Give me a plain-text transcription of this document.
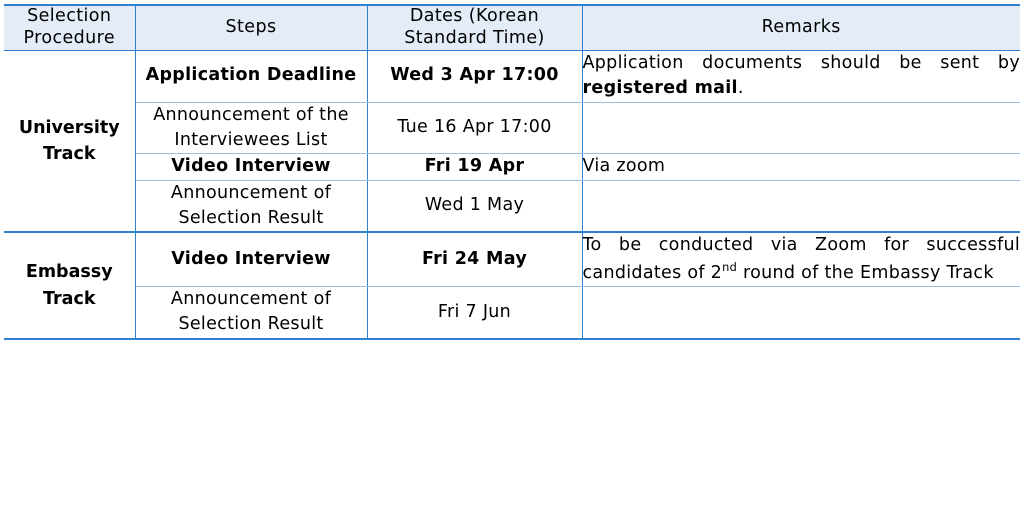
Selection Procedure	Steps	Dates (Korean Standard Time)	Remarks
University Track	Application Deadline	Wed 3 Apr 17:00	Application documents should be sent by registered mail.
	Announcement of the Interviewees List	Tue 16 Apr 17:00	
	Video Interview	Fri 19 Apr	Via zoom
	Announcement of Selection Result	Wed 1 May	
Embassy Track	Video Interview	Fri 24 May	To be conducted via Zoom for successful candidates of 2nd round of the Embassy Track
	Announcement of Selection Result	Fri 7 Jun	
